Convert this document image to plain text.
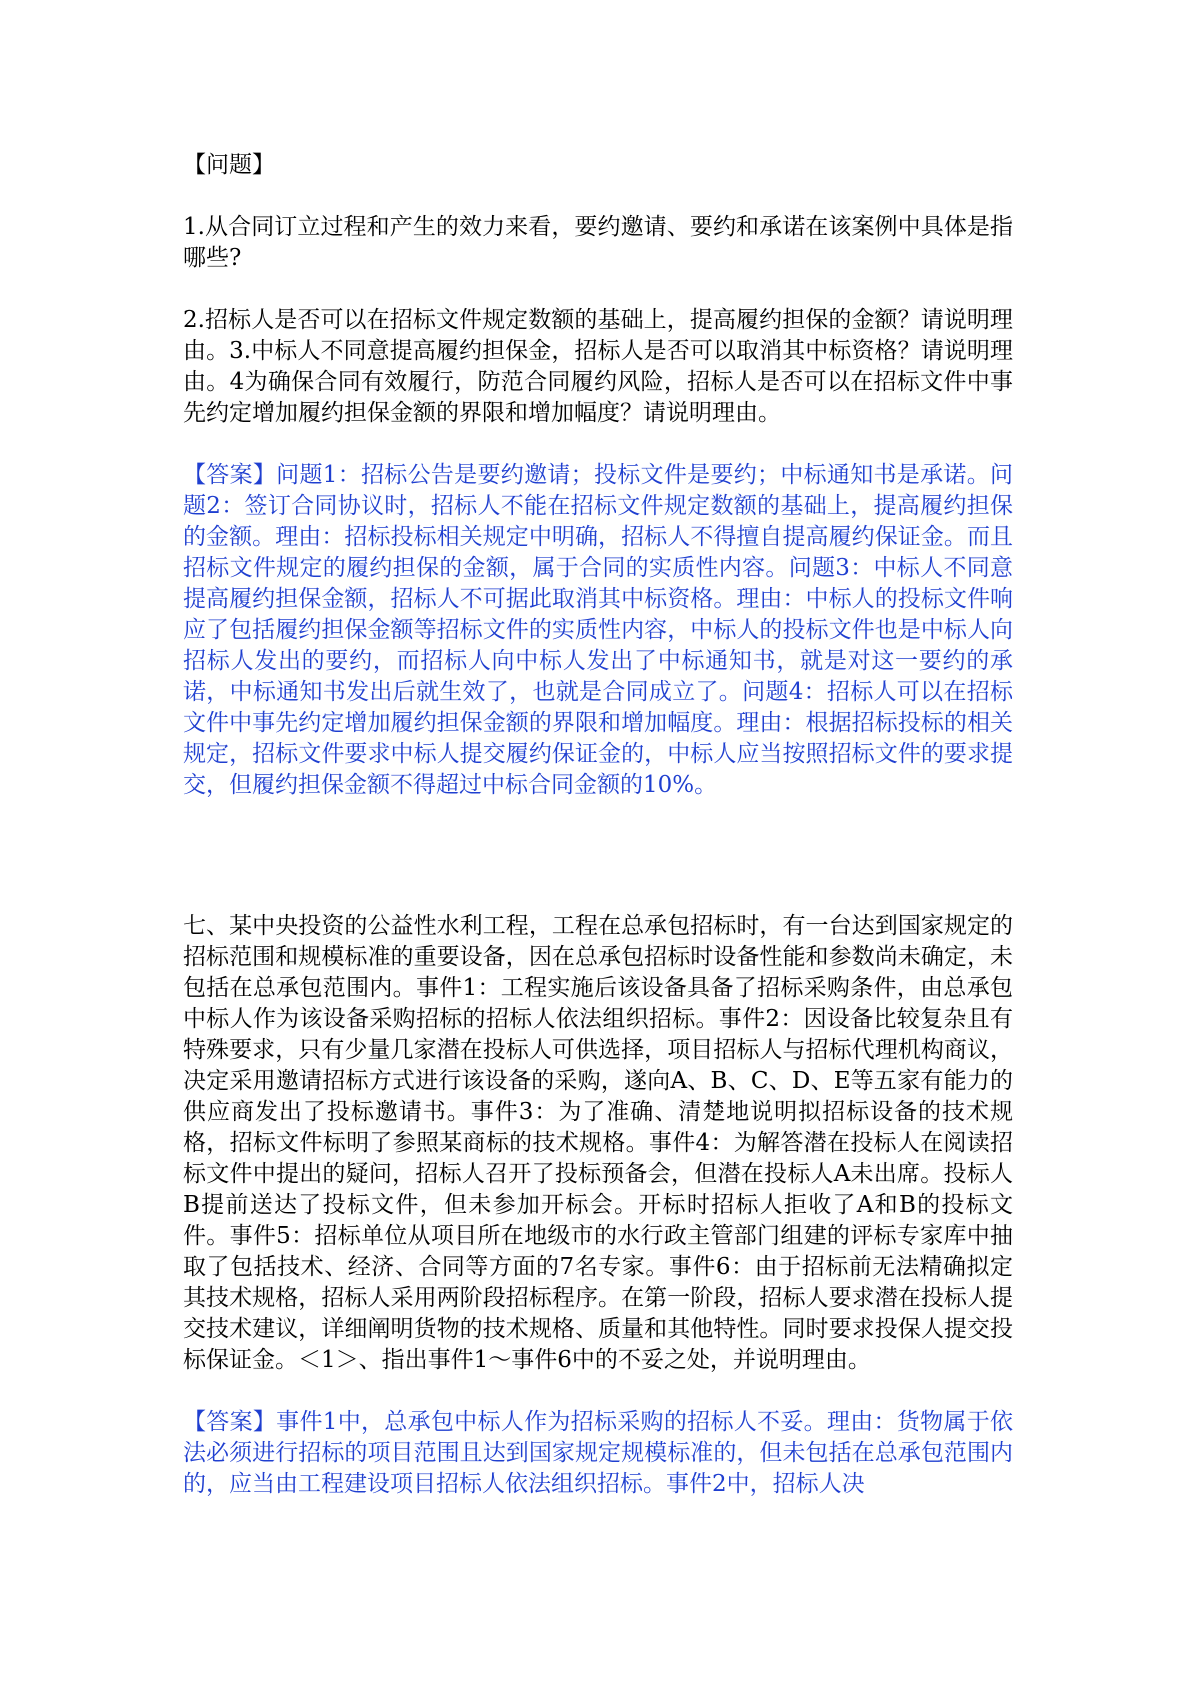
【问题】

1.从合同订立过程和产生的效力来看，要约邀请、要约和承诺在该案例中具体是指哪些?

2.招标人是否可以在招标文件规定数额的基础上，提高履约担保的金额？请说明理由。3.中标人不同意提高履约担保金，招标人是否可以取消其中标资格？请说明理由。4为确保合同有效履行，防范合同履约风险，招标人是否可以在招标文件中事先约定增加履约担保金额的界限和增加幅度？请说明理由。

【答案】问题1：招标公告是要约邀请；投标文件是要约；中标通知书是承诺。问题2：签订合同协议时，招标人不能在招标文件规定数额的基础上，提高履约担保的金额。理由：招标投标相关规定中明确，招标人不得擅自提高履约保证金。而且招标文件规定的履约担保的金额，属于合同的实质性内容。问题3：中标人不同意提高履约担保金额，招标人不可据此取消其中标资格。理由：中标人的投标文件响应了包括履约担保金额等招标文件的实质性内容，中标人的投标文件也是中标人向招标人发出的要约，而招标人向中标人发出了中标通知书，就是对这一要约的承诺，中标通知书发出后就生效了，也就是合同成立了。问题4：招标人可以在招标文件中事先约定增加履约担保金额的界限和增加幅度。理由：根据招标投标的相关规定，招标文件要求中标人提交履约保证金的，中标人应当按照招标文件的要求提交，但履约担保金额不得超过中标合同金额的10%。

七、某中央投资的公益性水利工程，工程在总承包招标时，有一台达到国家规定的招标范围和规模标准的重要设备，因在总承包招标时设备性能和参数尚未确定，未包括在总承包范围内。事件1：工程实施后该设备具备了招标采购条件，由总承包中标人作为该设备采购招标的招标人依法组织招标。事件2：因设备比较复杂且有特殊要求，只有少量几家潜在投标人可供选择，项目招标人与招标代理机构商议，决定采用邀请招标方式进行该设备的采购，遂向A、B、C、D、E等五家有能力的供应商发出了投标邀请书。事件3：为了准确、清楚地说明拟招标设备的技术规格，招标文件标明了参照某商标的技术规格。事件4：为解答潜在投标人在阅读招标文件中提出的疑问，招标人召开了投标预备会，但潜在投标人A未出席。投标人B提前送达了投标文件，但未参加开标会。开标时招标人拒收了A和B的投标文件。事件5：招标单位从项目所在地级市的水行政主管部门组建的评标专家库中抽取了包括技术、经济、合同等方面的7名专家。事件6：由于招标前无法精确拟定其技术规格，招标人采用两阶段招标程序。在第一阶段，招标人要求潜在投标人提交技术建议，详细阐明货物的技术规格、质量和其他特性。同时要求投保人提交投标保证金。＜1＞、指出事件1～事件6中的不妥之处，并说明理由。

【答案】事件1中，总承包中标人作为招标采购的招标人不妥。理由：货物属于依法必须进行招标的项目范围且达到国家规定规模标准的，但未包括在总承包范围内的，应当由工程建设项目招标人依法组织招标。事件2中，招标人决
